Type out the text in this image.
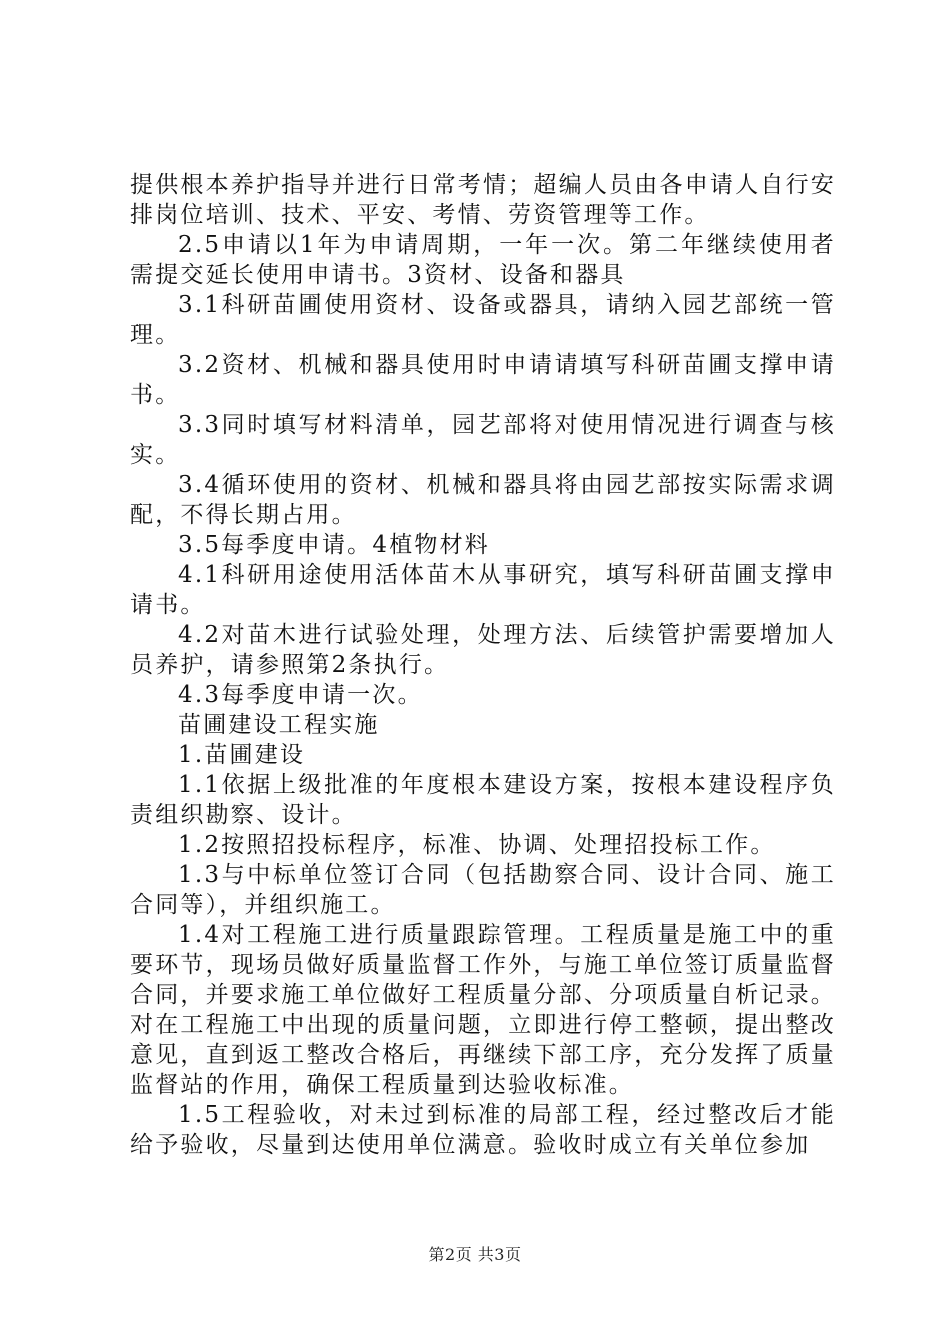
提供根本养护指导并进行日常考情；超编人员由各申请人自行安排岗位培训、技术、平安、考情、劳资管理等工作。

2.5申请以1年为申请周期，一年一次。第二年继续使用者需提交延长使用申请书。3资材、设备和器具

3.1科研苗圃使用资材、设备或器具，请纳入园艺部统一管理。

3.2资材、机械和器具使用时申请请填写科研苗圃支撑申请书。

3.3同时填写材料清单，园艺部将对使用情况进行调查与核实。

3.4循环使用的资材、机械和器具将由园艺部按实际需求调配，不得长期占用。

3.5每季度申请。4植物材料

4.1科研用途使用活体苗木从事研究，填写科研苗圃支撑申请书。

4.2对苗木进行试验处理，处理方法、后续管护需要增加人员养护，请参照第2条执行。

4.3每季度申请一次。

苗圃建设工程实施

1.苗圃建设

1.1依据上级批准的年度根本建设方案，按根本建设程序负责组织勘察、设计。

1.2按照招投标程序，标准、协调、处理招投标工作。

1.3与中标单位签订合同（包括勘察合同、设计合同、施工合同等），并组织施工。

1.4对工程施工进行质量跟踪管理。工程质量是施工中的重要环节，现场员做好质量监督工作外，与施工单位签订质量监督合同，并要求施工单位做好工程质量分部、分项质量自析记录。对在工程施工中出现的质量问题，立即进行停工整顿，提出整改意见，直到返工整改合格后，再继续下部工序，充分发挥了质量监督站的作用，确保工程质量到达验收标准。

1.5工程验收，对未过到标准的局部工程，经过整改后才能给予验收，尽量到达使用单位满意。验收时成立有关单位参加

第2页 共3页
